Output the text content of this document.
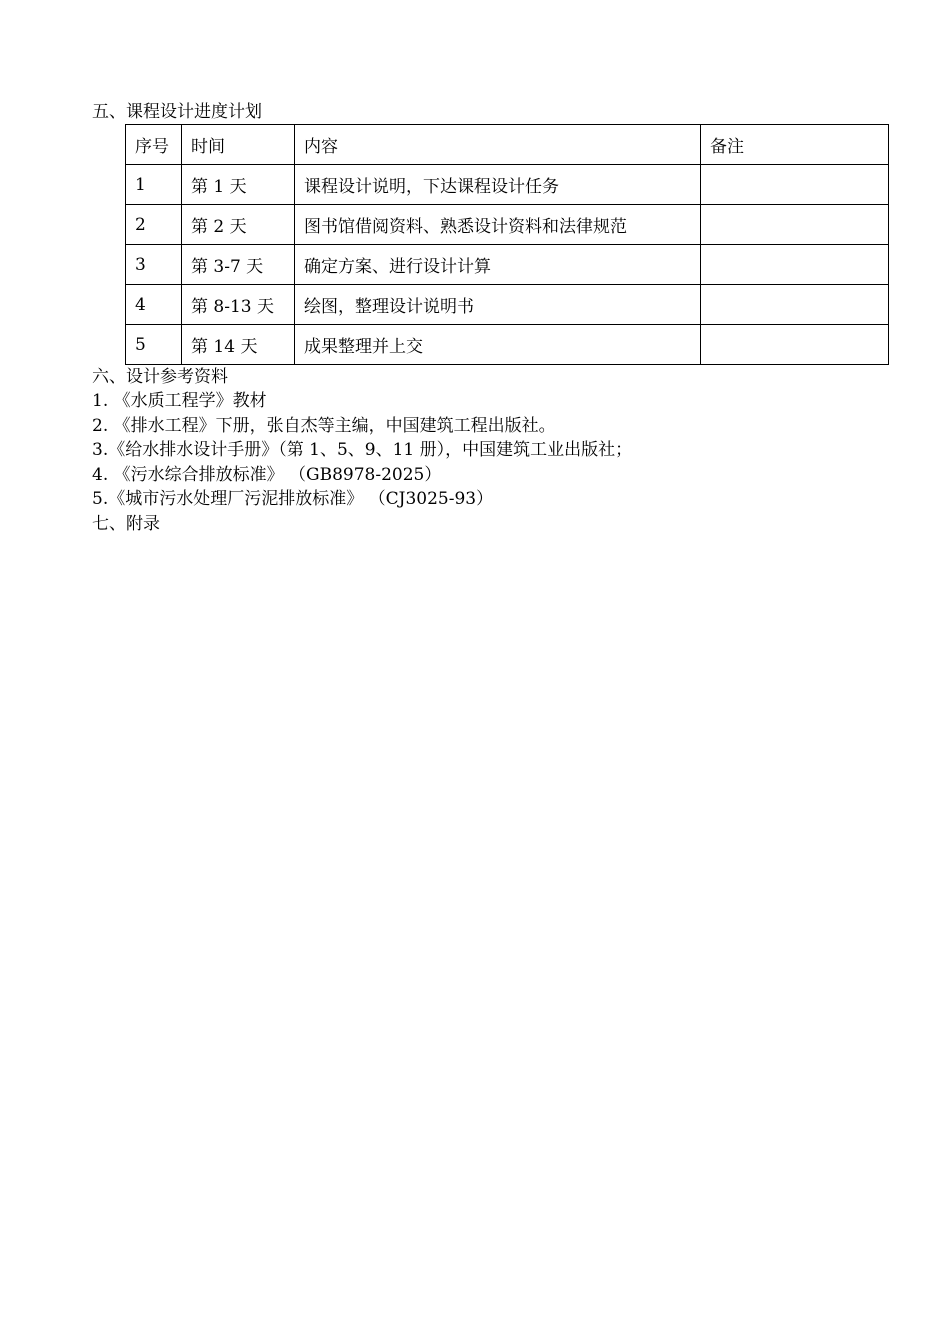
五、课程设计进度计划
序号	时间	内容	备注
1	第 1 天	课程设计说明，下达课程设计任务	
2	第 2 天	图书馆借阅资料、熟悉设计资料和法律规范	
3	第 3-7 天	确定方案、进行设计计算	
4	第 8-13 天	绘图，整理设计说明书	
5	第 14 天	成果整理并上交	
六、设计参考资料
1. 《水质工程学》教材
2. 《排水工程》下册，张自杰等主编，中国建筑工程出版社。
3.《给水排水设计手册》（第 1、5、9、11 册），中国建筑工业出版社；
4. 《污水综合排放标准》 （GB8978-2025）
5.《城市污水处理厂污泥排放标准》 （CJ3025-93）
七、附录
